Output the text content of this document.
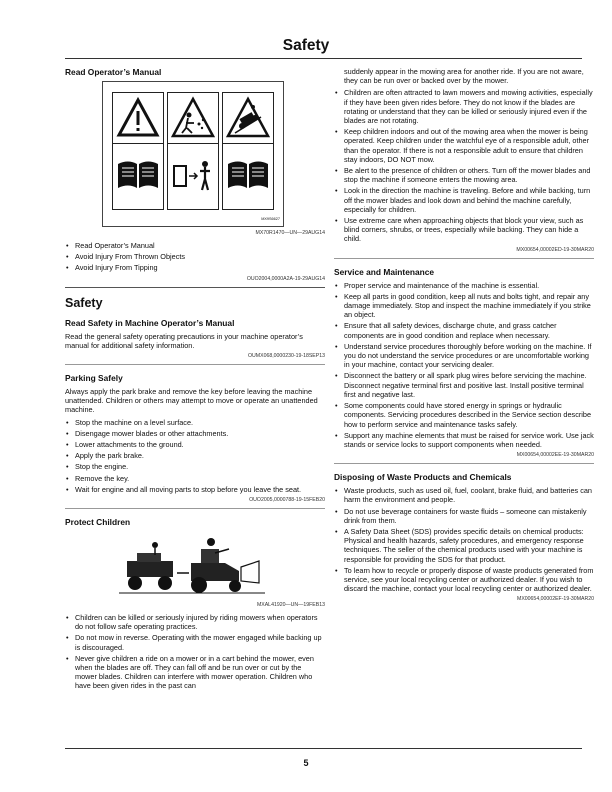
Safety
Read Operator’s Manual
MX9S6627
MX70R1470—UN—29AUG14
• Read Operator’s Manual
• Avoid Injury From Thrown Objects
• Avoid Injury From Tipping
OUO2004,0000A2A-19-29AUG14
Safety
Read Safety in Machine Operator’s Manual

Read the general safety operating precautions in your machine operator’s manual for additional safety information.

OUMX068,0000230-19-18SEP13
Parking Safely

Always apply the park brake and remove the key before leaving the machine unattended. Children or others may attempt to move or operate an unattended machine.

• Stop the machine on a level surface.
• Disengage mower blades or other attachments.
• Lower attachments to the ground.
• Apply the park brake.
• Stop the engine.
• Remove the key.
• Wait for engine and all moving parts to stop before you leave the seat.
OUO2005,0000788-19-15FEB20
Protect Children
MXAL41920—UN—19FEB13
• Children can be killed or seriously injured by riding mowers when operators do not follow safe operating practices.
• Do not mow in reverse. Operating with the mower engaged while backing up is discouraged.
• Never give children a ride on a mower or in a cart behind the mower, even when the blades are off. They can fall off and be run over or cut by the mower blades. Children can interfere with mower operation. Children who have been given rides in the past can

suddenly appear in the mowing area for another ride. If you are not aware, they can be run over or backed over by the mower.

• Children are often attracted to lawn mowers and mowing activities, especially if they have been given rides before. They do not know if the blades are rotating or understand that they can be killed or seriously injured even if the blades are not rotating.
• Keep children indoors and out of the mowing area when the mower is being operated. Keep children under the watchful eye of a responsible adult, other than the operator. If there is not a responsible adult to ensure that children stay indoors, DO NOT mow.
• Be alert to the presence of children or others. Turn off the mower blades and stop the machine if someone enters the mowing area.
• Look in the direction the machine is traveling. Before and while backing, turn off the mower blades and look down and behind the machine carefully, especially for children.
• Use extreme care when approaching objects that block your view, such as blind corners, shrubs, or trees, especially while backing. They can hide a child.
MX00654,00002ED-19-30MAR20
Service and Maintenance
• Proper service and maintenance of the machine is essential.
• Keep all parts in good condition, keep all nuts and bolts tight, and repair any damage immediately. Stop and inspect the machine immediately if you strike an object.
• Ensure that all safety devices, discharge chute, and grass catcher components are in good condition and replace when necessary.
• Understand service procedures thoroughly before working on the machine. If you do not understand the service procedures or are uncomfortable working in your machine, contact your servicing dealer.
• Disconnect the battery or all spark plug wires before servicing the machine. Disconnect negative terminal first and positive last. Install positive terminal first and negative last.
• Some components could have stored energy in springs or hydraulic components. Servicing procedures described in the Service section describe how to perform service and maintenance tasks safely.
• Support any machine elements that must be raised for service work. Use jack stands or service locks to support components when needed.
MX00654,00002EE-19-30MAR20
Disposing of Waste Products and Chemicals
• Waste products, such as used oil, fuel, coolant, brake fluid, and batteries can harm the environment and people.
• Do not use beverage containers for waste fluids – someone can mistakenly drink from them.
• A Safety Data Sheet (SDS) provides specific details on chemical products: Physical and health hazards, safety procedures, and emergency response techniques. The seller of the chemical products used with your machine is responsible for providing the SDS for that product.
• To learn how to recycle or properly dispose of waste products generated from service, see your local recycling center or authorized dealer. If you wish to discard the machine, contact your local recycling center or authorized dealer.
MX00654,00002EF-19-30MAR20
5
